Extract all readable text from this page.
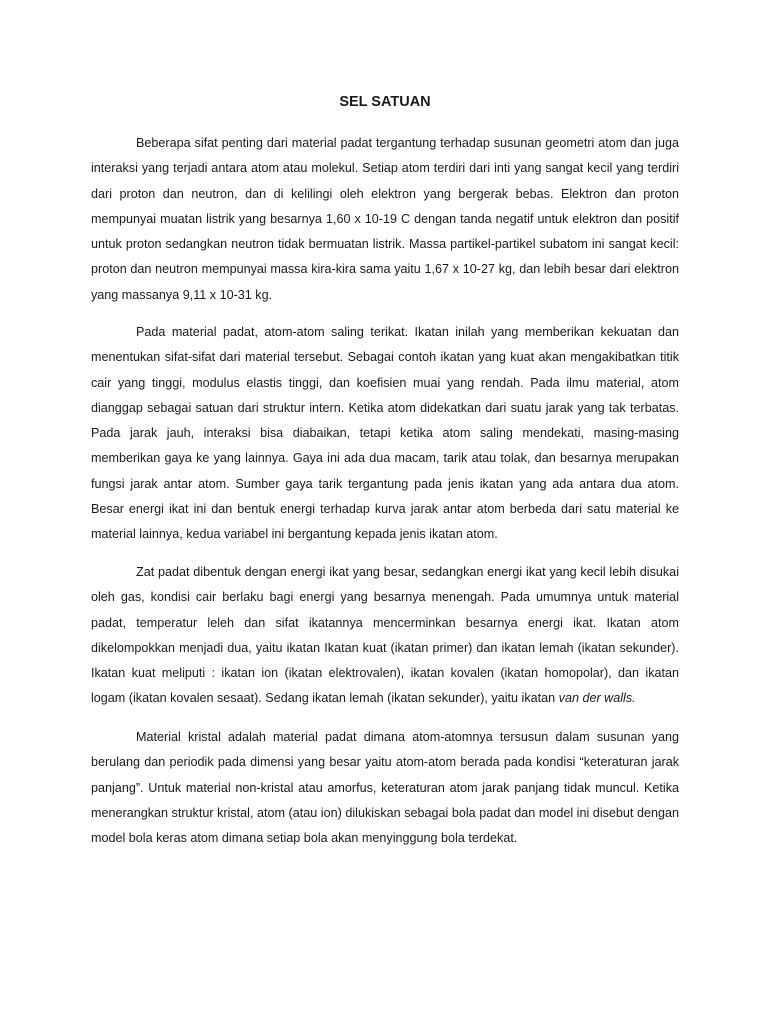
SEL SATUAN

Beberapa sifat penting dari material padat tergantung terhadap susunan geometri atom dan juga interaksi yang terjadi antara atom atau molekul. Setiap atom terdiri dari inti yang sangat kecil yang terdiri dari proton dan neutron, dan di kelilingi oleh elektron yang bergerak bebas. Elektron dan proton mempunyai muatan listrik yang besarnya 1,60 x 10-19 C dengan tanda negatif untuk elektron dan positif untuk proton sedangkan neutron tidak bermuatan listrik. Massa partikel-partikel subatom ini sangat kecil: proton dan neutron mempunyai massa kira-kira sama yaitu 1,67 x 10-27 kg, dan lebih besar dari elektron yang massanya 9,11 x 10-31 kg.

Pada material padat, atom-atom saling terikat. Ikatan inilah yang memberikan kekuatan dan menentukan sifat-sifat dari material tersebut. Sebagai contoh ikatan yang kuat akan mengakibatkan titik cair yang tinggi, modulus elastis tinggi, dan koefisien muai yang rendah. Pada ilmu material, atom dianggap sebagai satuan dari struktur intern. Ketika atom didekatkan dari suatu jarak yang tak terbatas. Pada jarak jauh, interaksi bisa diabaikan, tetapi ketika atom saling mendekati, masing-masing memberikan gaya ke yang lainnya. Gaya ini ada dua macam, tarik atau tolak, dan besarnya merupakan fungsi jarak antar atom. Sumber gaya tarik tergantung pada jenis ikatan yang ada antara dua atom. Besar energi ikat ini dan bentuk energi terhadap kurva jarak antar atom berbeda dari satu material ke material lainnya, kedua variabel ini bergantung kepada jenis ikatan atom.

Zat padat dibentuk dengan energi ikat yang besar, sedangkan energi ikat yang kecil lebih disukai oleh gas, kondisi cair berlaku bagi energi yang besarnya menengah. Pada umumnya untuk material padat, temperatur leleh dan sifat ikatannya mencerminkan besarnya energi ikat. Ikatan atom dikelompokkan menjadi dua, yaitu ikatan Ikatan kuat (ikatan primer) dan ikatan lemah (ikatan sekunder). Ikatan kuat meliputi : ikatan ion (ikatan elektrovalen), ikatan kovalen (ikatan homopolar), dan ikatan logam (ikatan kovalen sesaat). Sedang ikatan lemah (ikatan sekunder), yaitu ikatan van der walls.

Material kristal adalah material padat dimana atom-atomnya tersusun dalam susunan yang berulang dan periodik pada dimensi yang besar yaitu atom-atom berada pada kondisi “keteraturan jarak panjang”. Untuk material non-kristal atau amorfus, keteraturan atom jarak panjang tidak muncul. Ketika menerangkan struktur kristal, atom (atau ion) dilukiskan sebagai bola padat dan model ini disebut dengan model bola keras atom dimana setiap bola akan menyinggung bola terdekat.
